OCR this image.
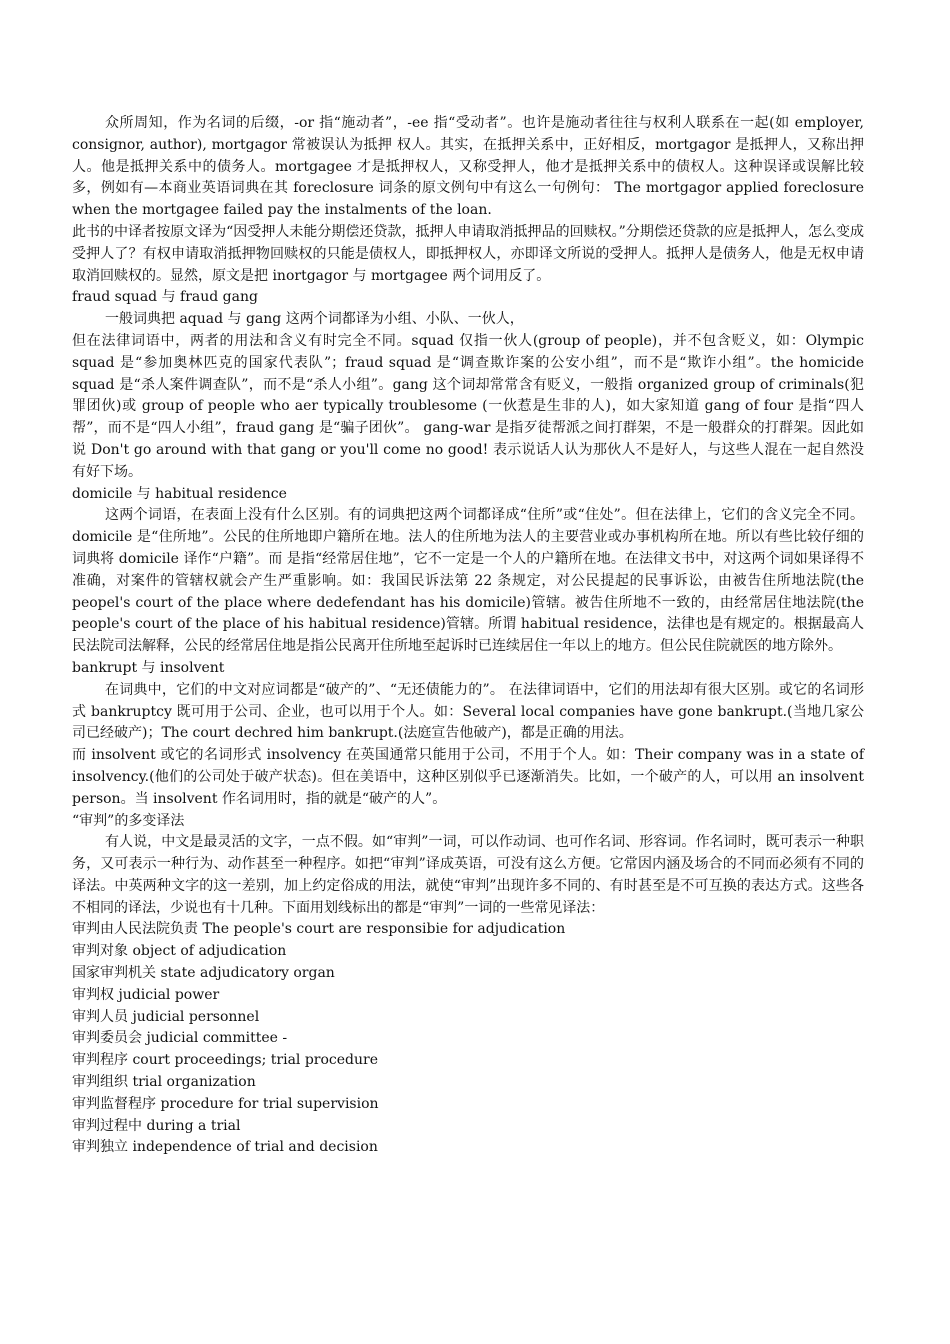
众所周知，作为名词的后缀，-or 指“施动者”，-ee 指“受动者”。也许是施动者往往与权利人联系在一起(如 employer, consignor, author), mortgagor 常被误认为抵押 权人。其实，在抵押关系中，正好相反，mortgagor 是抵押人，又称出押人。他是抵押关系中的债务人。mortgagee 才是抵押权人，又称受押人，他才是抵押关系中的债权人。这种误译或误解比较多，例如有—本商业英语词典在其 foreclosure 词条的原文例句中有这么一句例句： The mortgagor applied foreclosure when the mortgagee failed pay the instalments of the loan.

此书的中译者按原文译为“因受押人未能分期偿还贷款，抵押人申请取消抵押品的回赎权。”分期偿还贷款的应是抵押人，怎么变成受押人了？有权申请取消抵押物回赎权的只能是债权人，即抵押权人，亦即译文所说的受押人。抵押人是债务人，他是无权申请取消回赎权的。显然，原文是把 inortgagor 与 mortgagee 两个词用反了。

fraud squad 与 fraud gang

一般词典把 aquad 与 gang 这两个词都译为小组、小队、一伙人，

但在法律词语中，两者的用法和含义有时完全不同。squad 仅指一伙人(group of people)，并不包含贬义，如：Olympic squad 是“参加奥林匹克的国家代表队”；fraud squad 是“调查欺诈案的公安小组”，而不是“欺诈小组”。the homicide squad 是“杀人案件调查队”，而不是“杀人小组”。gang 这个词却常常含有贬义，一般指 organized group of criminals(犯罪团伙)或 group of people who aer typically troublesome (一伙惹是生非的人)，如大家知道 gang of four 是指“四人帮”，而不是“四人小组”，fraud gang 是“骗子团伙”。 gang-war 是指歹徒帮派之间打群架，不是一般群众的打群架。因此如说 Don't go around with that gang or you'll come no good! 表示说话人认为那伙人不是好人，与这些人混在一起自然没有好下场。

domicile 与 habitual residence

这两个词语，在表面上没有什么区别。有的词典把这两个词都译成“住所”或“住处”。但在法律上，它们的含义完全不同。domicile 是“住所地”。公民的住所地即户籍所在地。法人的住所地为法人的主要营业或办事机构所在地。所以有些比较仔细的词典将 domicile 译作“户籍”。而 是指“经常居住地”，它不一定是一个人的户籍所在地。在法律文书中，对这两个词如果译得不准确，对案件的管辖权就会产生严重影响。如：我国民诉法第 22 条规定，对公民提起的民事诉讼，由被告住所地法院(the peopel's court of the place where dedefendant has his domicile)管辖。被告住所地不一致的，由经常居住地法院(the people's court of the place of his habitual residence)管辖。所谓 habitual residence，法律也是有规定的。根据最高人民法院司法解释，公民的经常居住地是指公民离开住所地至起诉时已连续居住一年以上的地方。但公民住院就医的地方除外。

bankrupt 与 insolvent

在词典中，它们的中文对应词都是“破产的”、“无还债能力的”。 在法律词语中，它们的用法却有很大区别。或它的名词形式 bankruptcy 既可用于公司、企业，也可以用于个人。如：Several local companies have gone bankrupt.(当地几家公司已经破产)；The court dechred him bankrupt.(法庭宣告他破产)，都是正确的用法。

而 insolvent 或它的名词形式 insolvency 在英国通常只能用于公司，不用于个人。如：Their company was in a state of insolvency.(他们的公司处于破产状态)。但在美语中，这种区别似乎已逐渐消失。比如，一个破产的人，可以用 an insolvent person。当 insolvent 作名词用时，指的就是“破产的人”。

“审判”的多变译法

有人说，中文是最灵活的文字，一点不假。如“审判”一词，可以作动词、也可作名词、形容词。作名词时，既可表示一种职务，又可表示一种行为、动作甚至一种程序。如把“审判”译成英语，可没有这么方便。它常因内涵及场合的不同而必须有不同的译法。中英两种文字的这一差别，加上约定俗成的用法，就使“审判”出现许多不同的、有时甚至是不可互换的表达方式。这些各不相同的译法，少说也有十几种。下面用划线标出的都是“审判”一词的一些常见译法：

审判由人民法院负责 The people's court are responsibie for adjudication

审判对象 object of adjudication

国家审判机关 state adjudicatory organ

审判权 judicial power

审判人员 judicial personnel

审判委员会 judicial committee -

审判程序 court proceedings; trial procedure

审判组织 trial organization

审判监督程序 procedure for trial supervision

审判过程中 during a trial

审判独立 independence of trial and decision
